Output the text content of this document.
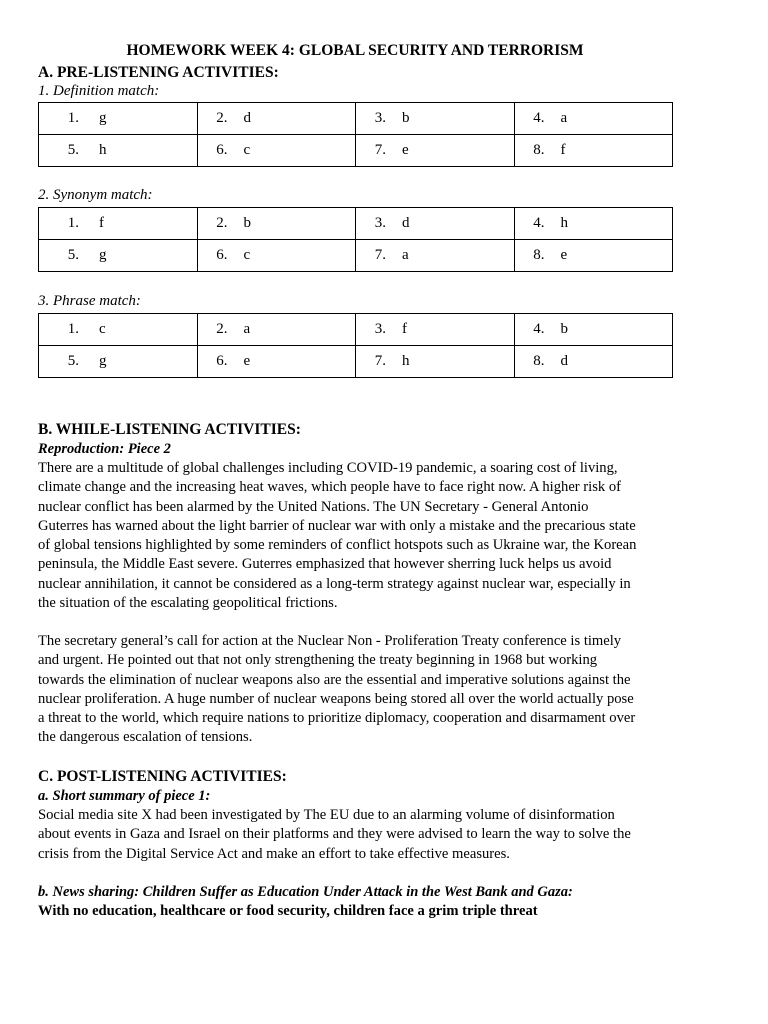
HOMEWORK WEEK 4: GLOBAL SECURITY AND TERRORISM
A. PRE-LISTENING ACTIVITIES:

1. Definition match:

1. g	2. d	3. b	4. a

5. h	6. c	7. e	8. f

2. Synonym match:

1. f	2. b	3. d	4. h

5. g	6. c	7. a	8. e

3. Phrase match:

1. c	2. a	3. f	4. b

5. g	6. e	7. h	8. d
B. WHILE-LISTENING ACTIVITIES:

Reproduction: Piece 2

There are a multitude of global challenges including COVID-19 pandemic, a soaring cost of living,
climate change and the increasing heat waves, which people have to face right now. A higher risk of
nuclear conflict has been alarmed by the United Nations. The UN Secretary - General Antonio
Guterres has warned about the light barrier of nuclear war with only a mistake and the precarious state
of global tensions highlighted by some reminders of conflict hotspots such as Ukraine war, the Korean
peninsula, the Middle East severe. Guterres emphasized that however sherring luck helps us avoid
nuclear annihilation, it cannot be considered as a long-term strategy against nuclear war, especially in
the situation of the escalating geopolitical frictions.
The secretary general’s call for action at the Nuclear Non - Proliferation Treaty conference is timely
and urgent. He pointed out that not only strengthening the treaty beginning in 1968 but working
towards the elimination of nuclear weapons also are the essential and imperative solutions against the
nuclear proliferation. A huge number of nuclear weapons being stored all over the world actually pose
a threat to the world, which require nations to prioritize diplomacy, cooperation and disarmament over
the dangerous escalation of tensions.
C. POST-LISTENING ACTIVITIES:

a. Short summary of piece 1:

Social media site X had been investigated by The EU due to an alarming volume of disinformation
about events in Gaza and Israel on their platforms and they were advised to learn the way to solve the
crisis from the Digital Service Act and make an effort to take effective measures.

b. News sharing: Children Suffer as Education Under Attack in the West Bank and Gaza:

With no education, healthcare or food security, children face a grim triple threat
